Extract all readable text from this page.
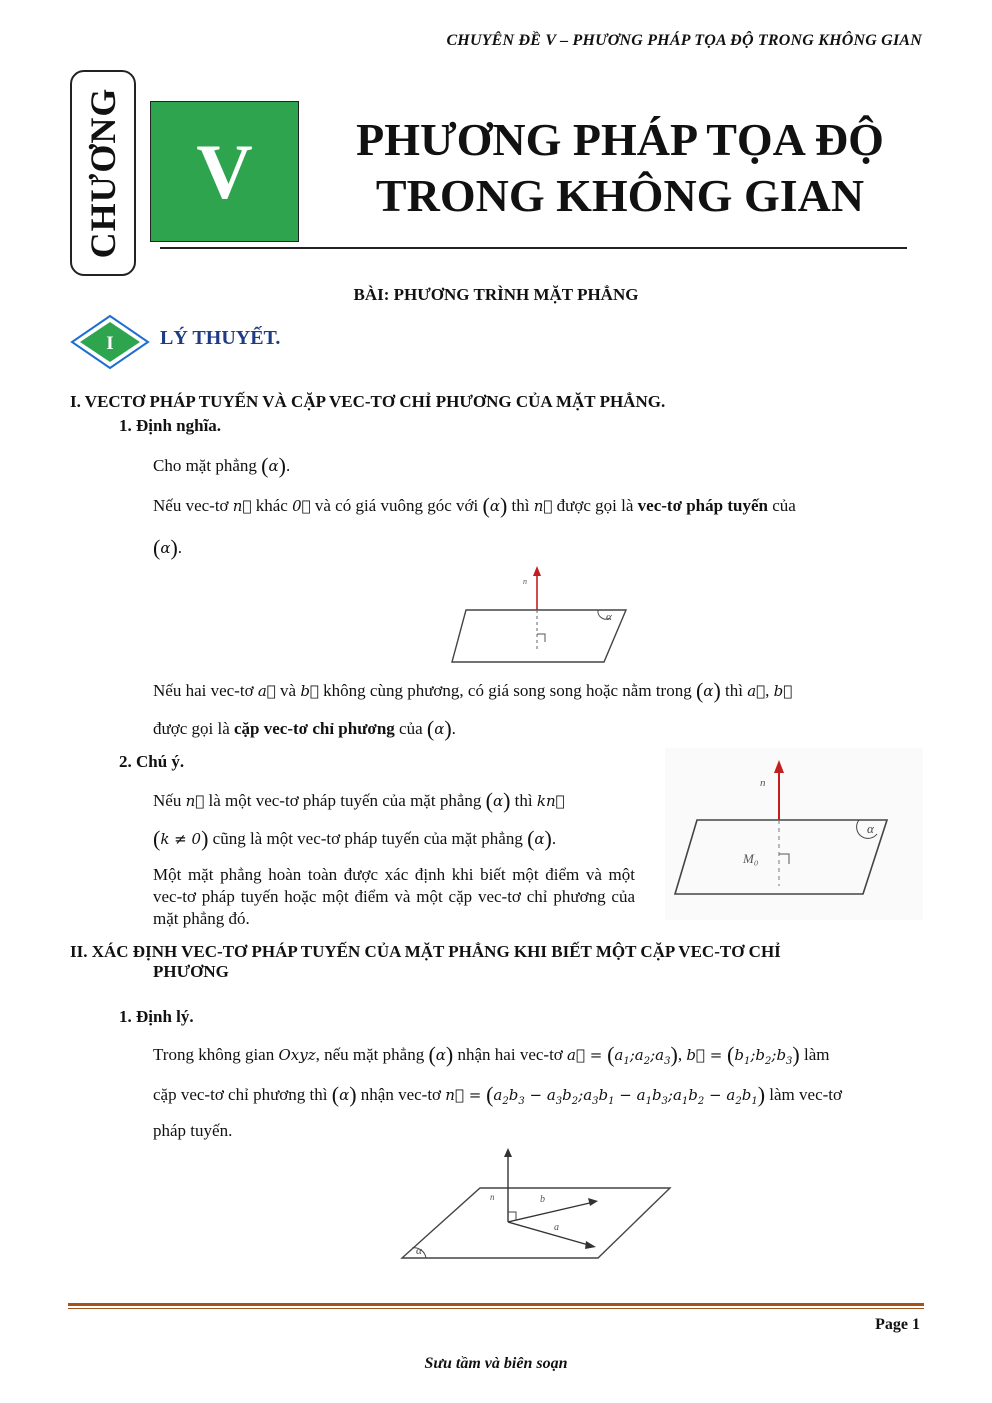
CHUYÊN ĐỀ V – PHƯƠNG PHÁP TỌA ĐỘ TRONG KHÔNG GIAN
CHƯƠNG V	PHƯƠNG PHÁP TỌA ĐỘ
TRONG KHÔNG GIAN
BÀI: PHƯƠNG TRÌNH MẶT PHẲNG
I LÝ THUYẾT.
I. VECTƠ PHÁP TUYẾN VÀ CẶP VEC-TƠ CHỈ PHƯƠNG CỦA MẶT PHẲNG.
1. Định nghĩa.
Cho mặt phẳng (α).
Nếu vec-tơ n⃗ khác 0⃗ và có giá vuông góc với (α) thì n⃗ được gọi là vec-tơ pháp tuyến của
(α).
n⃗
α
Nếu hai vec-tơ a⃗ và b⃗ không cùng phương, có giá song song hoặc nằm trong (α) thì a⃗, b⃗
được gọi là cặp vec-tơ chỉ phương của (α).
2. Chú ý.
Nếu n⃗ là một vec-tơ pháp tuyến của mặt phẳng (α) thì kn⃗
(k ≠ 0) cũng là một vec-tơ pháp tuyến của mặt phẳng (α).
Một mặt phẳng hoàn toàn được xác định khi biết một điểm và một vec-tơ pháp tuyến hoặc một điểm và một cặp vec-tơ chỉ phương của mặt phẳng đó.
n⃗
M₀
α
II. XÁC ĐỊNH VEC-TƠ PHÁP TUYẾN CỦA MẶT PHẲNG KHI BIẾT MỘT CẶP VEC-TƠ CHỈ
PHƯƠNG
1. Định lý.
Trong không gian Oxyz, nếu mặt phẳng (α) nhận hai vec-tơ a⃗ = $(a_1;a_2;a_3)$, b⃗ = $(b_1;b_2;b_3)$ làm
cặp vec-tơ chỉ phương thì (α) nhận vec-tơ n⃗ = ($a_2b_3$ − $a_3b_2;a_3b_1$ − $a_1b_3;a_1b_2 - a_2b_1$) làm vec-tơ
pháp tuyến.
n⃗	b⃗
a⃗
α
Page 1
Sưu tầm và biên soạn
